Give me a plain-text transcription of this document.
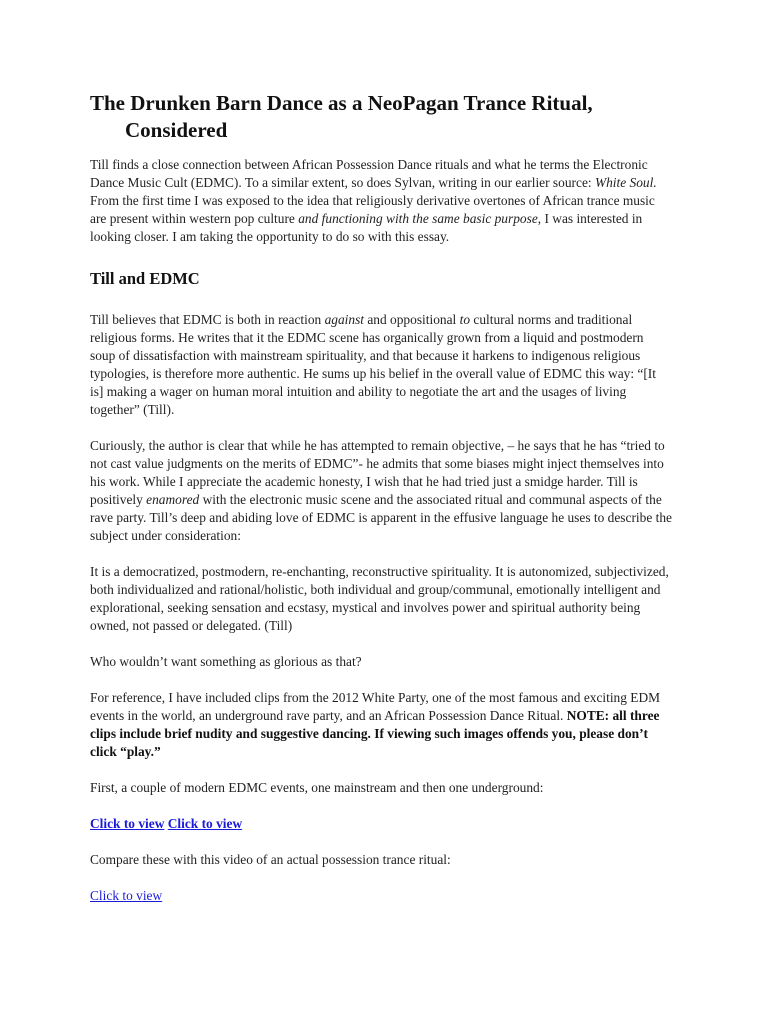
The Drunken Barn Dance as a NeoPagan Trance Ritual,
Considered

Till finds a close connection between African Possession Dance rituals and what he terms the Electronic Dance Music Cult (EDMC). To a similar extent, so does Sylvan, writing in our earlier source: White Soul. From the first time I was exposed to the idea that religiously derivative overtones of African trance music are present within western pop culture and functioning with the same basic purpose, I was interested in looking closer. I am taking the opportunity to do so with this essay.

Till and EDMC

Till believes that EDMC is both in reaction against and oppositional to cultural norms and traditional religious forms. He writes that it the EDMC scene has organically grown from a liquid and postmodern soup of dissatisfaction with mainstream spirituality, and that because it harkens to indigenous religious typologies, is therefore more authentic. He sums up his belief in the overall value of EDMC this way: “[It is] making a wager on human moral intuition and ability to negotiate the art and the usages of living together” (Till).

Curiously, the author is clear that while he has attempted to remain objective, – he says that he has “tried to not cast value judgments on the merits of EDMC”- he admits that some biases might inject themselves into his work. While I appreciate the academic honesty, I wish that he had tried just a smidge harder. Till is positively enamored with the electronic music scene and the associated ritual and communal aspects of the rave party. Till’s deep and abiding love of EDMC is apparent in the effusive language he uses to describe the subject under consideration:

It is a democratized, postmodern, re-enchanting, reconstructive spirituality. It is autonomized, subjectivized, both individualized and rational/holistic, both individual and group/communal, emotionally intelligent and explorational, seeking sensation and ecstasy, mystical and involves power and spiritual authority being owned, not passed or delegated. (Till)

Who wouldn’t want something as glorious as that?

For reference, I have included clips from the 2012 White Party, one of the most famous and exciting EDM events in the world, an underground rave party, and an African Possession Dance Ritual. NOTE: all three clips include brief nudity and suggestive dancing. If viewing such images offends you, please don’t click “play.”

First, a couple of modern EDMC events, one mainstream and then one underground:

Click to view Click to view

Compare these with this video of an actual possession trance ritual:

Click to view
